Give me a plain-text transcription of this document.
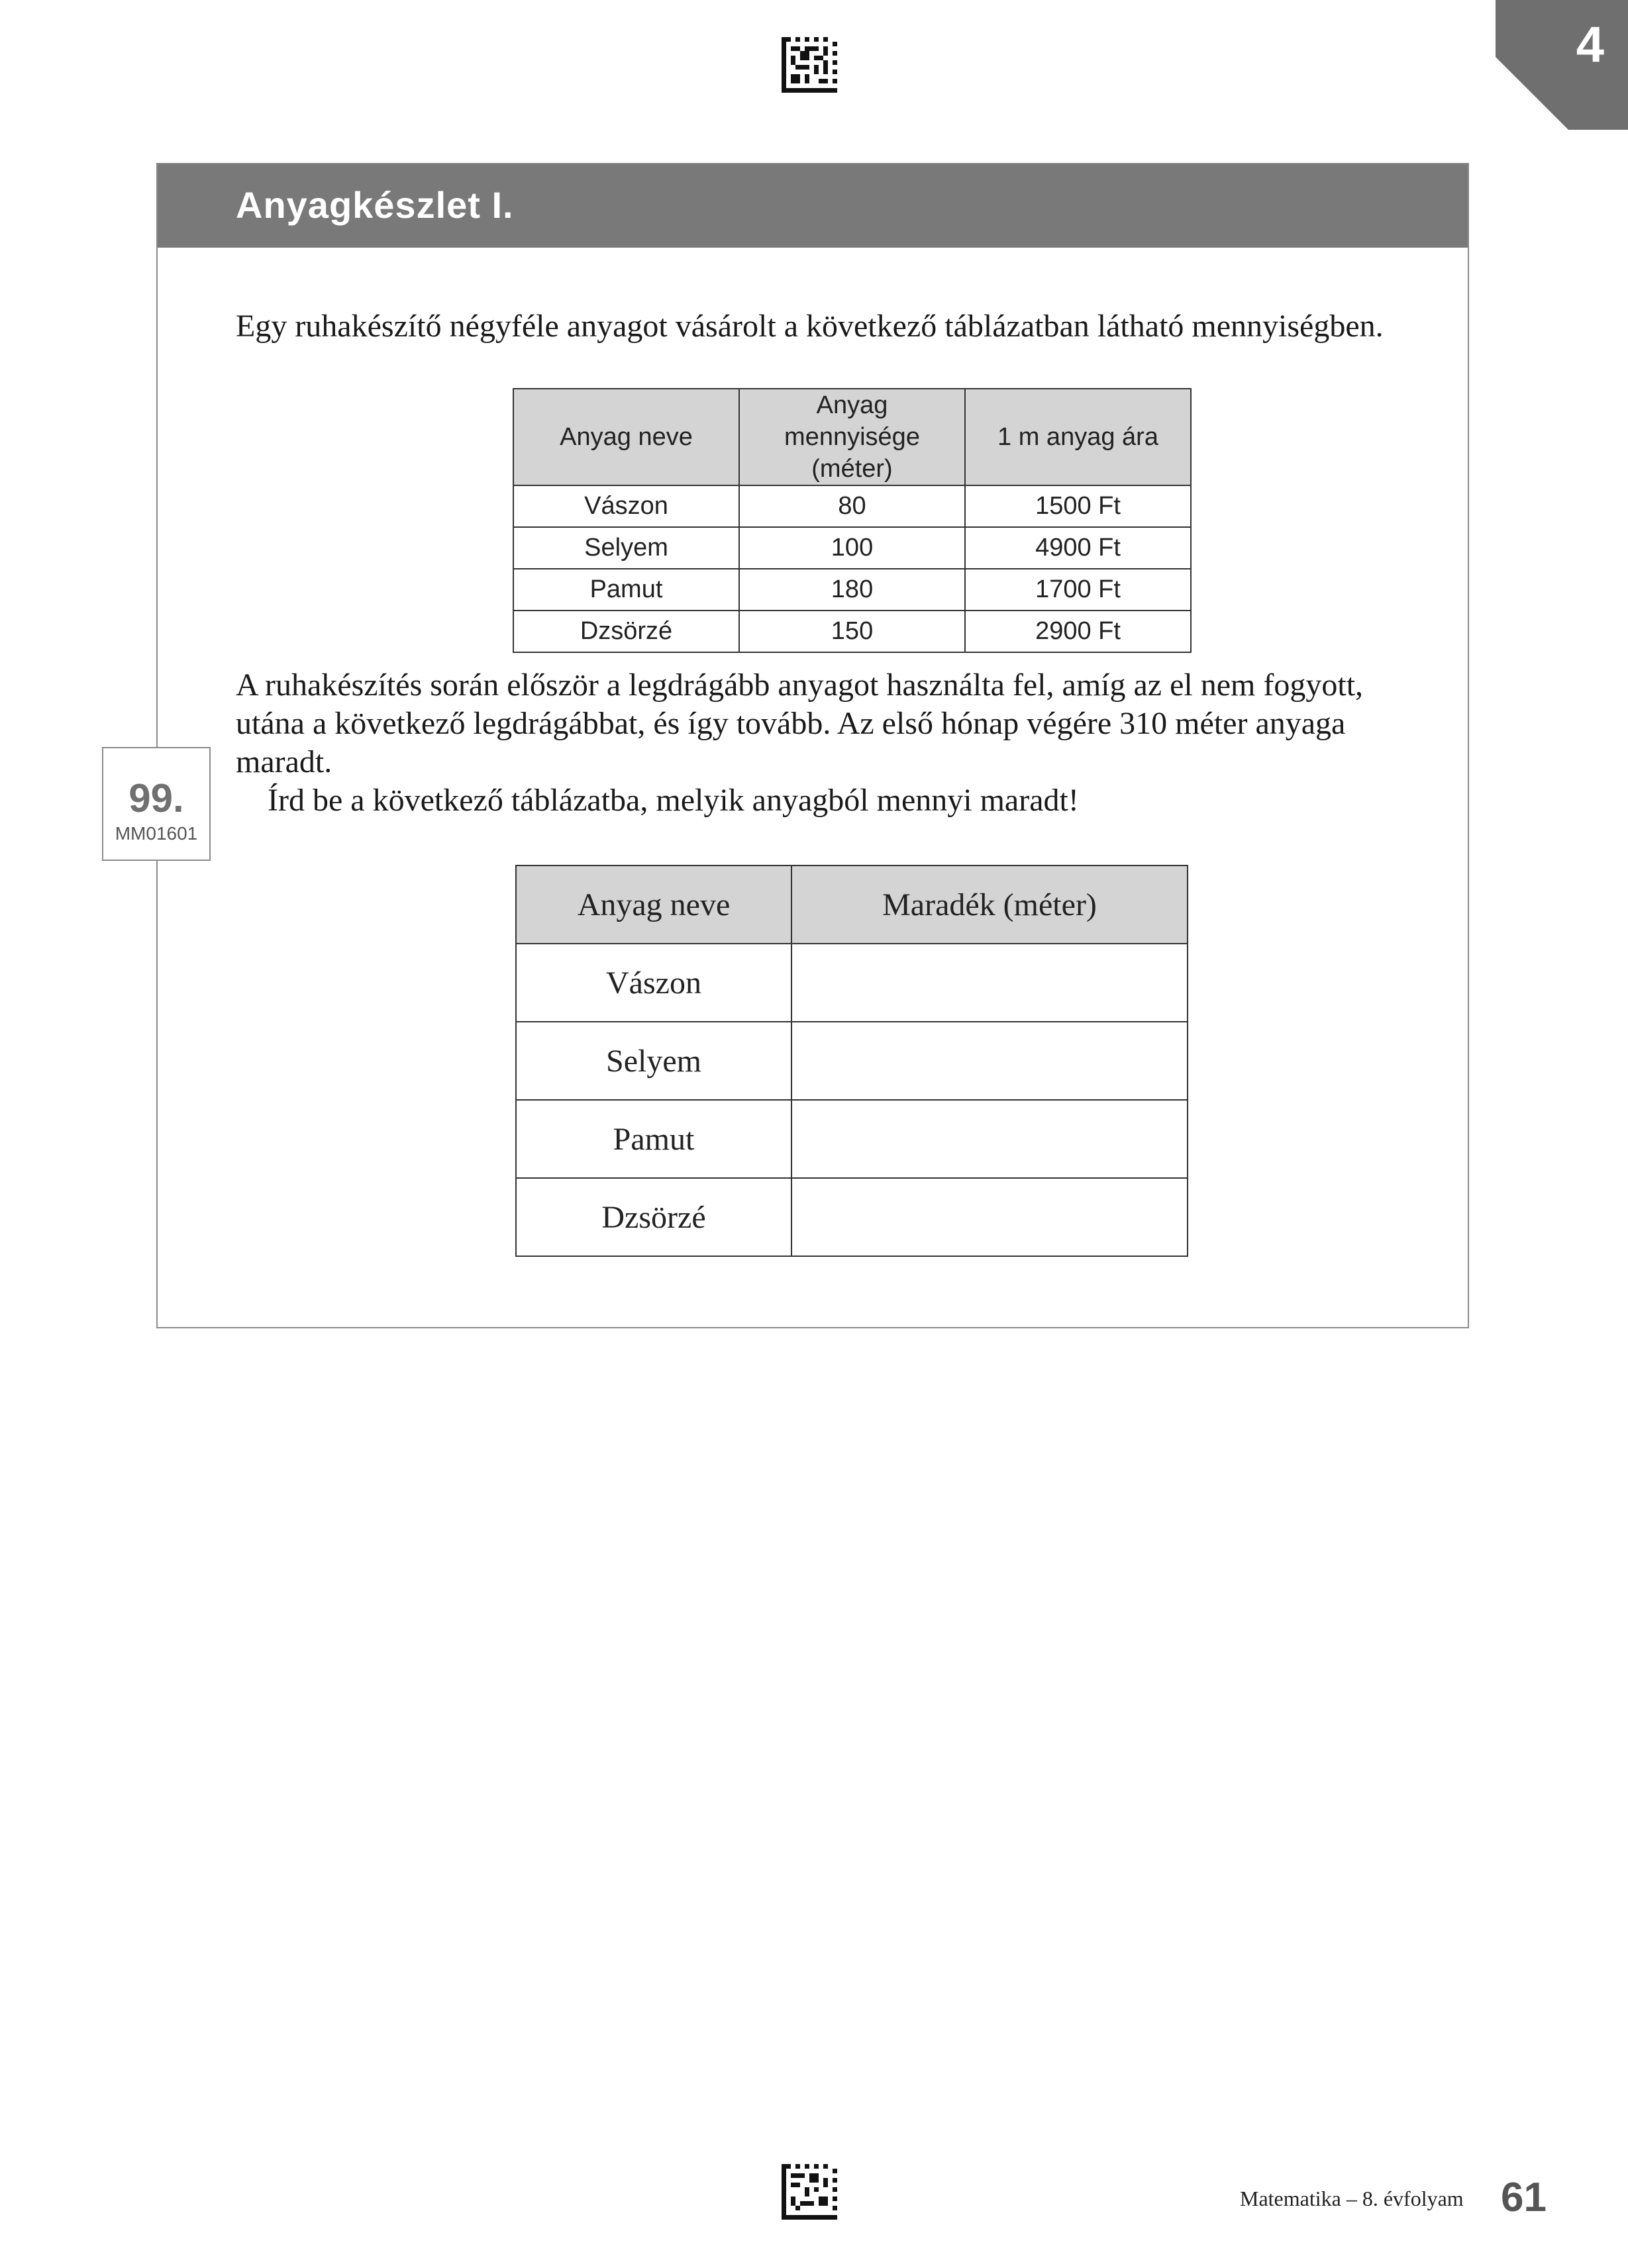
4
Anyagkészlet I.

Egy ruhakészítő négyféle anyagot vásárolt a következő táblázatban látható mennyiségben.

Anyag neve	Anyag mennyisége (méter)	1 m anyag ára
Vászon	80	1500 Ft
Selyem	100	4900 Ft
Pamut	180	1700 Ft
Dzsörzé	150	2900 Ft

A ruhakészítés során először a legdrágább anyagot használta fel, amíg az el nem fogyott,
utána a következő legdrágábbat, és így tovább. Az első hónap végére 310 méter anyaga
maradt.
Írd be a következő táblázatba, melyik anyagból mennyi maradt!

99.
MM01601
Anyag neve	Maradék (méter)
Vászon	
Selyem	
Pamut	
Dzsörzé	
Matematika – 8. évfolyam 61
